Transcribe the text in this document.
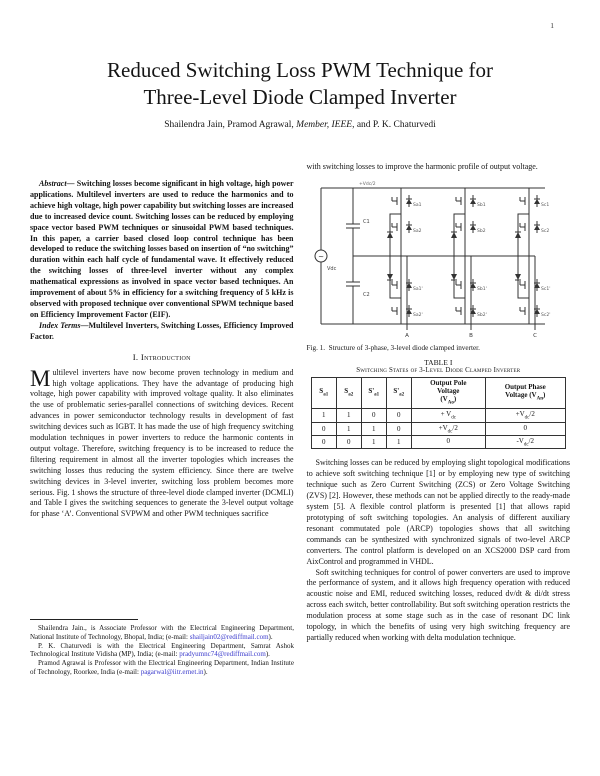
1
Reduced Switching Loss PWM Technique for
Three-Level Diode Clamped Inverter
Shailendra Jain, Pramod Agrawal, Member, IEEE, and P. K. Chaturvedi

Abstract— Switching losses become significant in high voltage, high power applications. Multilevel inverters are used to reduce the harmonics and to achieve high voltage, high power capability but switching losses are increased due to increased device count. Switching losses can be reduced by employing space vector based PWM techniques or sinusoidal PWM based techniques. In this paper, a carrier based closed loop control technique has been developed to reduce the switching losses based on insertion of “no switching” duration within each half cycle of fundamental wave. It effectively reduced the switching losses of three-level inverter without any complex mathematical expressions as involved in space vector based techniques. An improvement of about 5% in efficiency for a switching frequency of 5 kHz is observed with proposed technique over conventional SPWM technique based on Efficiency Improvement Factor (EIF).

Index Terms—Multilevel Inverters, Switching Losses, Efficiency Improved Factor.

I. Introduction

Multilevel inverters have now become proven technology in medium and high voltage applications. They have the advantage of producing high voltage, high power capability with improved voltage quality. It also eliminates the use of problematic series-parallel connections of switching devices. Recent advances in power semiconductor technology results in development of fast switching devices such as IGBT. It has made the use of high frequency switching modulation techniques in power inverters to reduce the harmonic contents in output voltage. Therefore, switching frequency is to be increased to reduce the filtering requirement in almost all the inverter topologies which increases the switching losses thus reducing the system efficiency. Since there are twelve switching devices in 3-level inverter, switching loss problem becomes more serious. Fig. 1 shows the structure of three-level diode clamped inverter (DCMLI) and Table I gives the switching sequences to generate the 3-level output voltage for phase ‘A’. Conventional SVPWM and other PWM techniques sacrifice

Shailendra Jain., is Associate Professor with the Electrical Engineering Department, National Institute of Technology, Bhopal, India; (e-mail: shailjain02@rediffmail.com).

P. K. Chaturvedi is with the Electrical Engineering Department, Samrat Ashok Technological Institute Vidisha (MP), India; (e-mail: pradyumnc74@rediffmail.com).

Pramod Agrawal is Professor with the Electrical Engineering Department, Indian Institute of Technology, Roorkee, India (e-mail: pagarwal@iitr.ernet.in).

with switching losses to improve the harmonic profile of output voltage.

~
Vdc
C1
C2
+Vdc/2
Sa1
Sa2
Sa1'
Sa2'
Sb1
Sb2
Sb1'
Sb2'
Sc1
Sc2
Sc1'
Sc2'
A	B	C

Fig. 1. Structure of 3-phase, 3-level diode clamped inverter.

TABLE I
Switching States of 3-Level Diode Clamped Inverter
$S_{a1}$	$S_{a2}$	$S'_{a1}$	$S'_{a2}$	
Output Pole
Voltage
$(V_{Ao})$

Output Phase
Voltage $(V_{An})$

1	1	0	0	+ $V_{dc}$	$+V_{dc}/2$
0	1	1	0	$+V_{dc}/2$	0
0	0	1	1	0	$-V_{dc}/2$

Switching losses can be reduced by employing slight topological modifications to achieve soft switching technique [1] or by employing new type of switching technique such as Zero Current Switching (ZCS) or Zero Voltage Switching (ZVS) [2]. However, these methods can not be applied directly to the ready-made system [5]. A flexible control platform is presented [1] that allows rapid prototyping of soft switching topologies. An analysis of different auxiliary resonant commutated pole (ARCP) topologies shows that all switching commands can be synthesized with synchronized signals of two-level ARCP converters. The control platform is developed on an XCS2000 DSP card from AixControl and programmed in VHDL.

Soft switching techniques for control of power converters are used to improve the performance of system, and it allows high frequency operation with reduced acoustic noise and EMI, reduced switching losses, reduced dv/dt & di/dt stress across each switch, better controllability. But soft switching operation restricts the modulation process at some stage such as in the case of resonant DC link topology, in which the benefits of using very high switching frequency are partially reduced when working with delta modulation technique.
